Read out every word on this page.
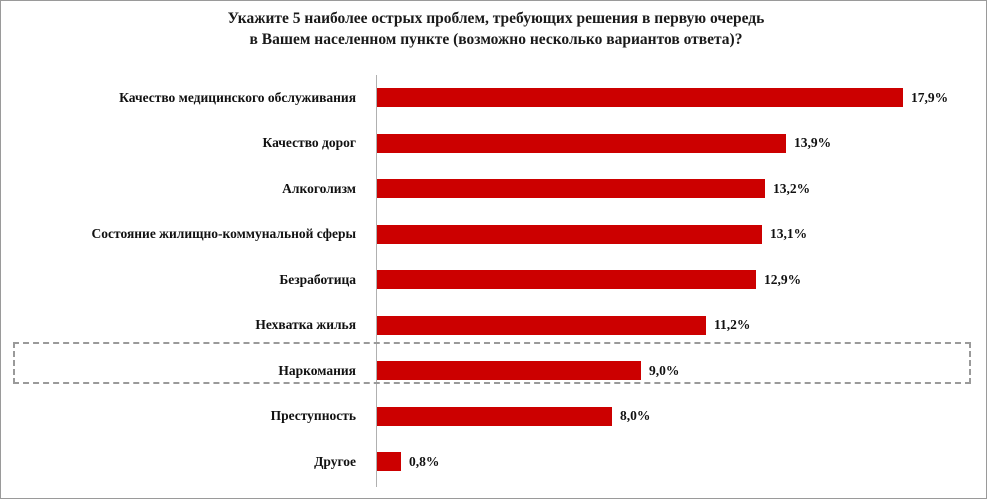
Укажите 5 наиболее острых проблем, требующих решения в первую очередь
в Вашем населенном пункте (возможно несколько вариантов ответа)?
Качество медицинского обслуживания	17,9%
Качество дорог	13,9%
Алкоголизм	13,2%
Состояние жилищно-коммунальной сферы	13,1%
Безработица	12,9%
Нехватка жилья	11,2%
Наркомания	9,0%
Преступность	8,0%
Другое	0,8%
